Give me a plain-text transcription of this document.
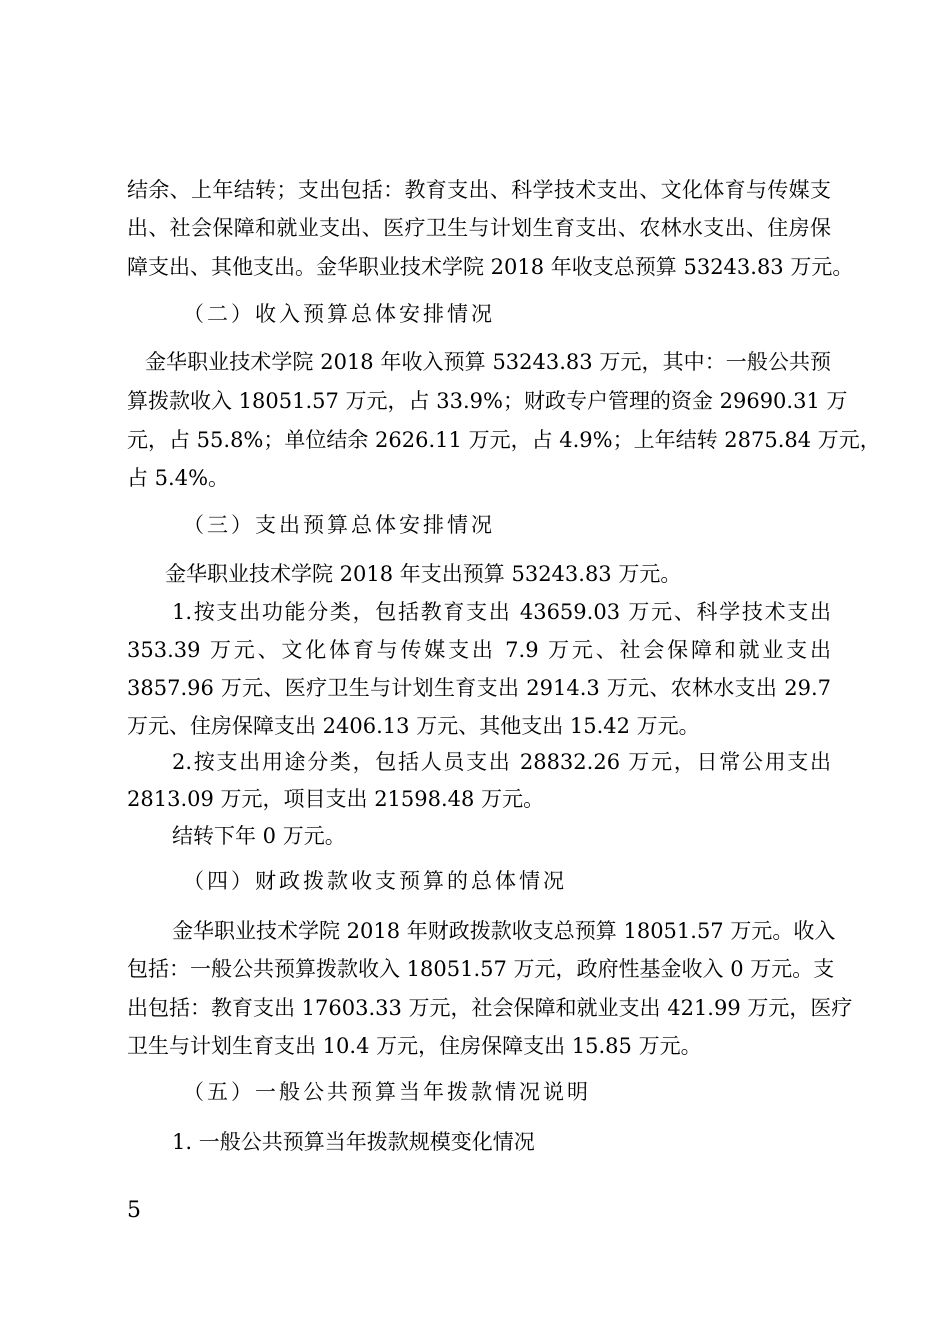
结余、上年结转；支出包括：教育支出、科学技术支出、文化体育与传媒支
出、社会保障和就业支出、医疗卫生与计划生育支出、农林水支出、住房保
障支出、其他支出。金华职业技术学院 2018 年收支总预算 53243.83 万元。
（二）收入预算总体安排情况
金华职业技术学院 2018 年收入预算 53243.83 万元，其中：一般公共预
算拨款收入 18051.57 万元，占 33.9%；财政专户管理的资金 29690.31 万
元，占 55.8%；单位结余 2626.11 万元，占 4.9%；上年结转 2875.84 万元，
占 5.4%。
（三）支出预算总体安排情况
金华职业技术学院 2018 年支出预算 53243.83 万元。
1.按支出功能分类，包括教育支出 43659.03 万元、科学技术支出
353.39 万元、文化体育与传媒支出 7.9 万元、社会保障和就业支出
3857.96 万元、医疗卫生与计划生育支出 2914.3 万元、农林水支出 29.7
万元、住房保障支出 2406.13 万元、其他支出 15.42 万元。
2.按支出用途分类，包括人员支出 28832.26 万元，日常公用支出
2813.09 万元，项目支出 21598.48 万元。
结转下年 0 万元。
（四）财政拨款收支预算的总体情况
金华职业技术学院 2018 年财政拨款收支总预算 18051.57 万元。收入
包括：一般公共预算拨款收入 18051.57 万元，政府性基金收入 0 万元。支
出包括：教育支出 17603.33 万元，社会保障和就业支出 421.99 万元，医疗
卫生与计划生育支出 10.4 万元，住房保障支出 15.85 万元。
（五）一般公共预算当年拨款情况说明
1. 一般公共预算当年拨款规模变化情况
5
